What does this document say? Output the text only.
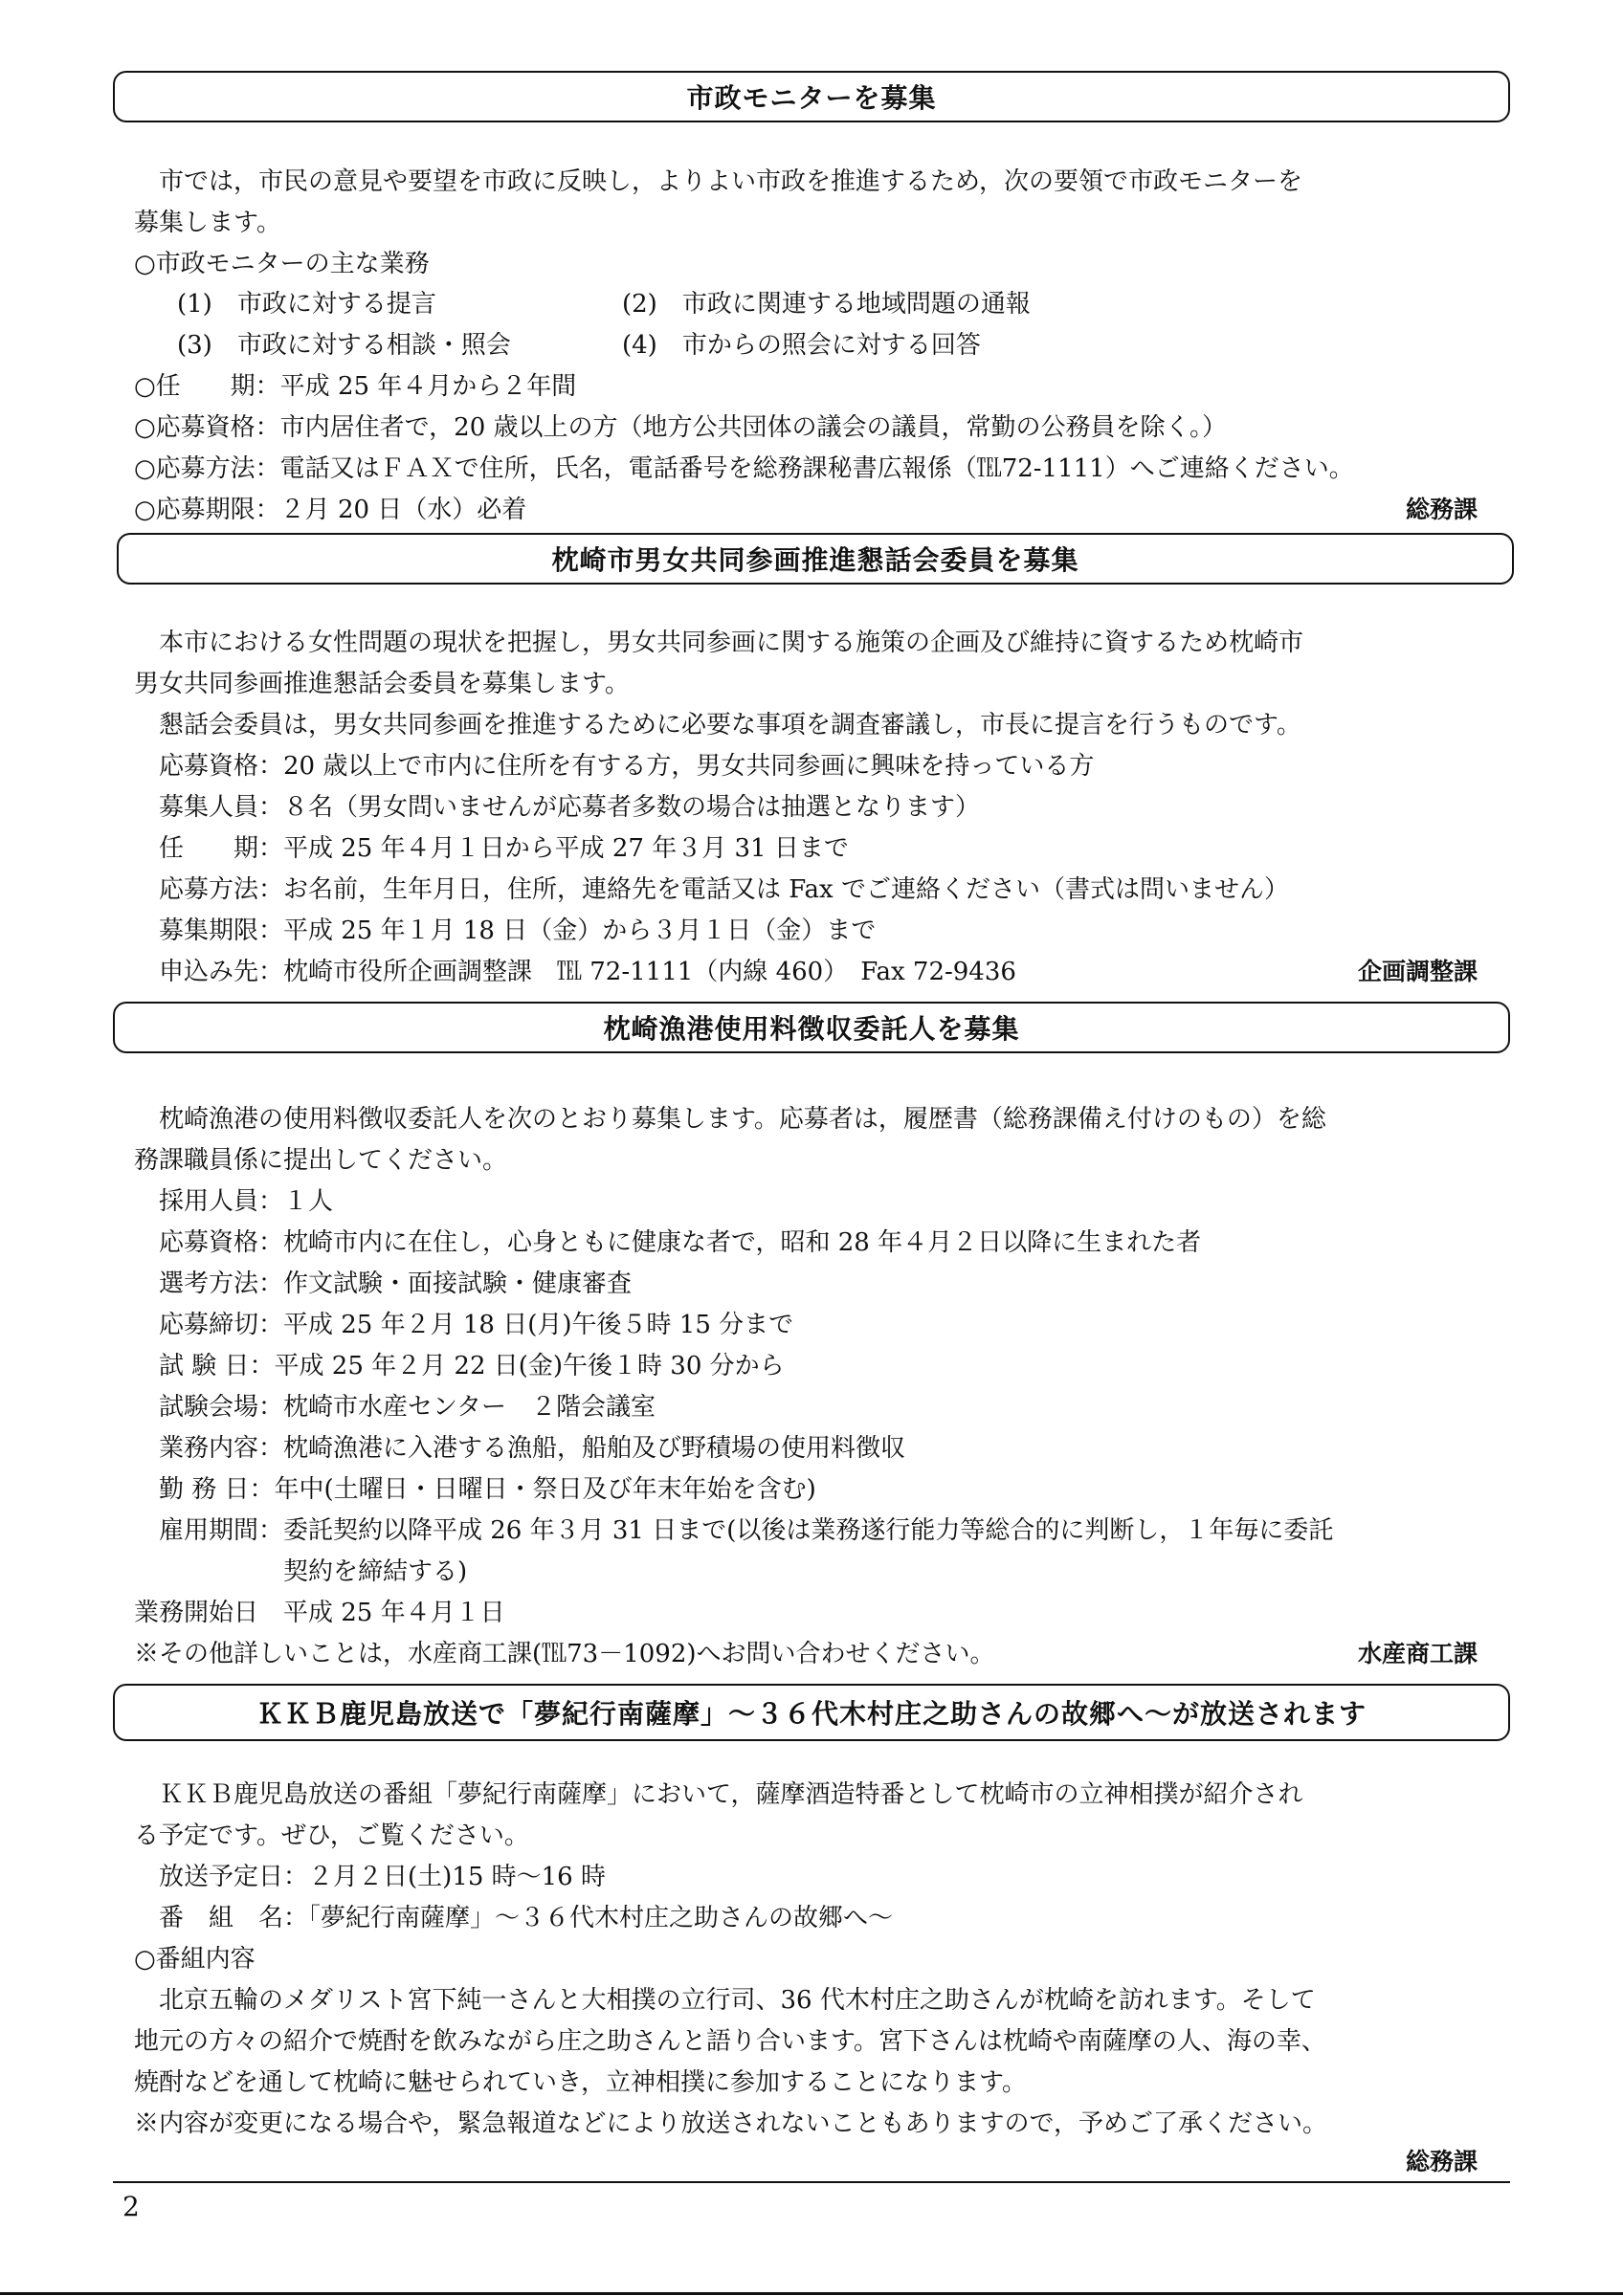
市政モニターを募集
　市では，市民の意見や要望を市政に反映し，よりよい市政を推進するため，次の要領で市政モニターを
募集します。
○市政モニターの主な業務
(1)　市政に対する提言	(2)　市政に関連する地域問題の通報
(3)　市政に対する相談・照会	(4)　市からの照会に対する回答
○任　　期：平成 25 年４月から２年間
○応募資格：市内居住者で，20 歳以上の方（地方公共団体の議会の議員，常勤の公務員を除く。）
○応募方法：電話又はＦＡＸで住所，氏名，電話番号を総務課秘書広報係（℡72-1111）へご連絡ください。
○応募期限：２月 20 日（水）必着	総務課
枕崎市男女共同参画推進懇話会委員を募集
　本市における女性問題の現状を把握し，男女共同参画に関する施策の企画及び維持に資するため枕崎市
男女共同参画推進懇話会委員を募集します。
　懇話会委員は，男女共同参画を推進するために必要な事項を調査審議し，市長に提言を行うものです。
　応募資格：20 歳以上で市内に住所を有する方，男女共同参画に興味を持っている方
　募集人員：８名（男女問いませんが応募者多数の場合は抽選となります）
　任　　期：平成 25 年４月１日から平成 27 年３月 31 日まで
　応募方法：お名前，生年月日，住所，連絡先を電話又は Fax でご連絡ください（書式は問いません）
　募集期限：平成 25 年１月 18 日（金）から３月１日（金）まで
　申込み先：枕崎市役所企画調整課　℡ 72-1111（内線 460）　Fax 72-9436	企画調整課
枕崎漁港使用料徴収委託人を募集
　枕崎漁港の使用料徴収委託人を次のとおり募集します。応募者は，履歴書（総務課備え付けのもの）を総
務課職員係に提出してください。
　採用人員：１人
　応募資格：枕崎市内に在住し，心身ともに健康な者で，昭和 28 年４月２日以降に生まれた者
　選考方法：作文試験・面接試験・健康審査
　応募締切：平成 25 年２月 18 日(月)午後５時 15 分まで
　試 験 日：平成 25 年２月 22 日(金)午後１時 30 分から
　試験会場：枕崎市水産センター　２階会議室
　業務内容：枕崎漁港に入港する漁船，船舶及び野積場の使用料徴収
　勤 務 日：年中(土曜日・日曜日・祭日及び年末年始を含む)
　雇用期間：委託契約以降平成 26 年３月 31 日まで(以後は業務遂行能力等総合的に判断し，１年毎に委託
　　　　　　契約を締結する)
業務開始日　平成 25 年４月１日
※その他詳しいことは，水産商工課(℡73－1092)へお問い合わせください。	水産商工課
ＫＫＢ鹿児島放送で「夢紀行南薩摩」～３６代木村庄之助さんの故郷へ～が放送されます
　ＫＫＢ鹿児島放送の番組「夢紀行南薩摩」において，薩摩酒造特番として枕崎市の立神相撲が紹介され
る予定です。ぜひ，ご覧ください。
　放送予定日：２月２日(土)15 時～16 時
　番　組　名：「夢紀行南薩摩」～３６代木村庄之助さんの故郷へ～
○番組内容
　北京五輪のメダリスト宮下純一さんと大相撲の立行司、36 代木村庄之助さんが枕崎を訪れます。そして
地元の方々の紹介で焼酎を飲みながら庄之助さんと語り合います。宮下さんは枕崎や南薩摩の人、海の幸、
焼酎などを通して枕崎に魅せられていき，立神相撲に参加することになります。
※内容が変更になる場合や，緊急報道などにより放送されないこともありますので，予めご了承ください。
総務課
2
